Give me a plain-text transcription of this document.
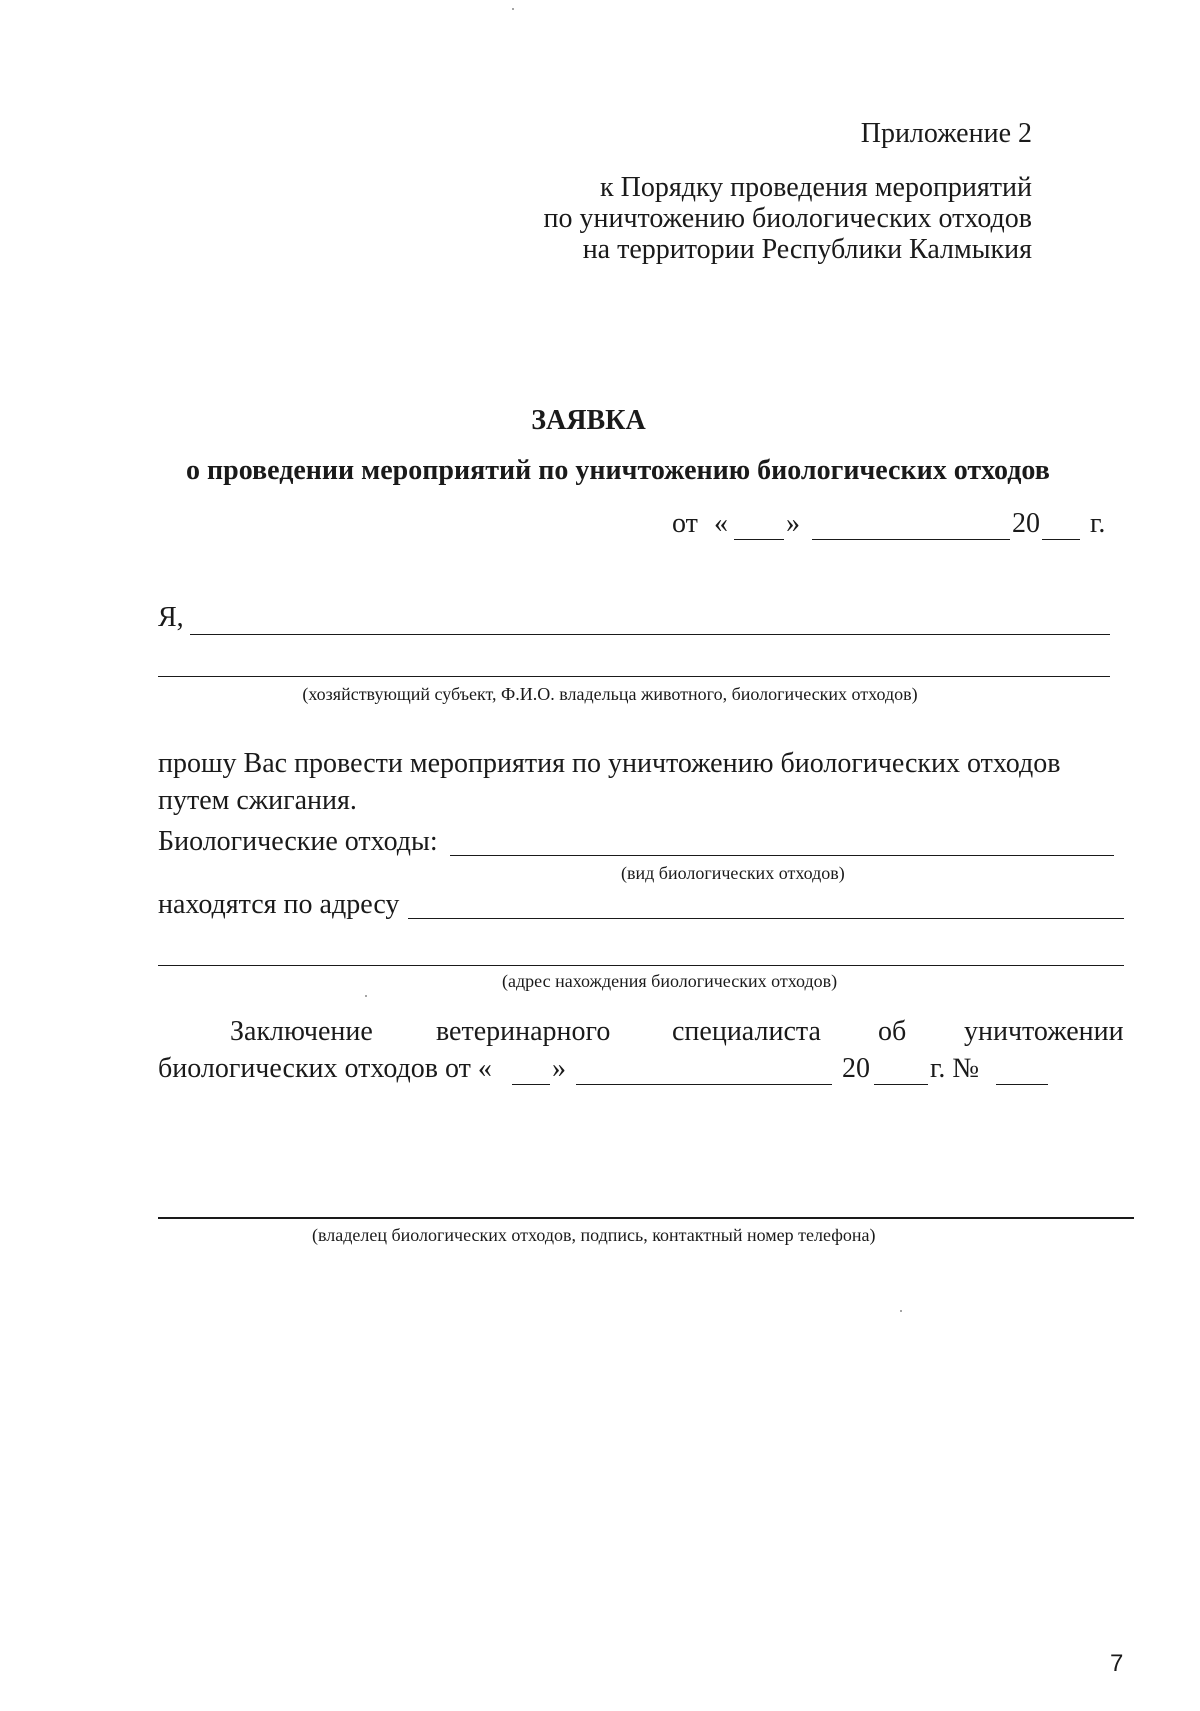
Приложение 2
к Порядку проведения мероприятий
по уничтожению биологических отходов
на территории Республики Калмыкия
ЗАЯВКА
о проведении мероприятий по уничтожению биологических отходов
от « »	20 г.
Я,
(хозяйствующий субъект, Ф.И.О. владельца животного, биологических отходов)
прошу Вас провести мероприятия по уничтожению биологических отходов
путем сжигания.
Биологические отходы:
(вид биологических отходов)
находятся по адресу
(адрес нахождения биологических отходов)
Заключение ветеринарного специалиста об уничтожении
биологических отходов от « »	20 г. №
(владелец биологических отходов, подпись, контактный номер телефона)
7
